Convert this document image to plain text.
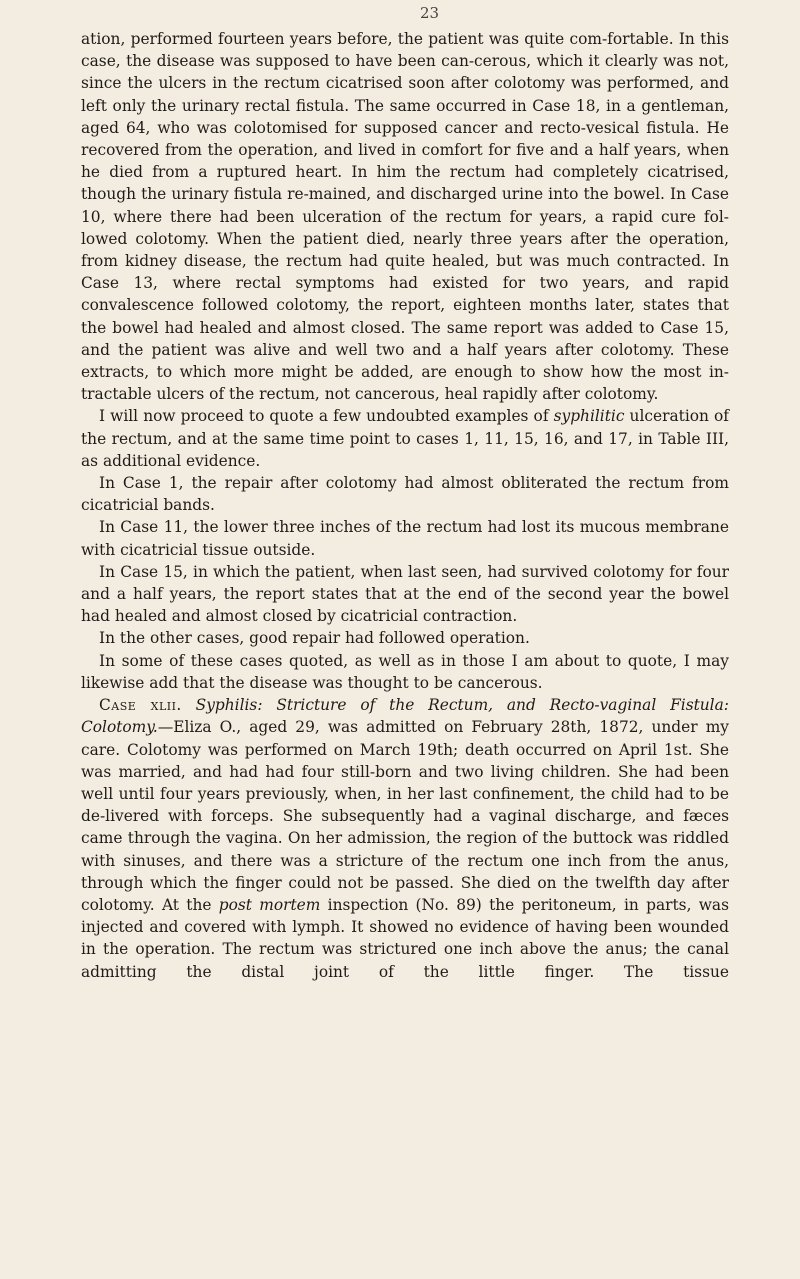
23

ation, performed fourteen years before, the patient was quite com-fortable. In this case, the disease was supposed to have been can-cerous, which it clearly was not, since the ulcers in the rectum cicatrised soon after colotomy was performed, and left only the urinary rectal fistula. The same occurred in Case 18, in a gentleman, aged 64, who was colotomised for supposed cancer and recto-vesical fistula. He recovered from the operation, and lived in comfort for five and a half years, when he died from a ruptured heart. In him the rectum had completely cicatrised, though the urinary fistula re-mained, and discharged urine into the bowel. In Case 10, where there had been ulceration of the rectum for years, a rapid cure fol-lowed colotomy. When the patient died, nearly three years after the operation, from kidney disease, the rectum had quite healed, but was much contracted. In Case 13, where rectal symptoms had existed for two years, and rapid convalescence followed colotomy, the report, eighteen months later, states that the bowel had healed and almost closed. The same report was added to Case 15, and the patient was alive and well two and a half years after colotomy. These extracts, to which more might be added, are enough to show how the most in-tractable ulcers of the rectum, not cancerous, heal rapidly after colotomy.

I will now proceed to quote a few undoubted examples of syphilitic ulceration of the rectum, and at the same time point to cases 1, 11, 15, 16, and 17, in Table III, as additional evidence.

In Case 1, the repair after colotomy had almost obliterated the rectum from cicatricial bands.

In Case 11, the lower three inches of the rectum had lost its mucous membrane with cicatricial tissue outside.

In Case 15, in which the patient, when last seen, had survived colotomy for four and a half years, the report states that at the end of the second year the bowel had healed and almost closed by cicatricial contraction.

In the other cases, good repair had followed operation.

In some of these cases quoted, as well as in those I am about to quote, I may likewise add that the disease was thought to be cancerous.

Case xlii. Syphilis: Stricture of the Rectum, and Recto-vaginal Fistula: Colotomy.—Eliza O., aged 29, was admitted on February 28th, 1872, under my care. Colotomy was performed on March 19th; death occurred on April 1st. She was married, and had had four still-born and two living children. She had been well until four years previously, when, in her last confinement, the child had to be de-livered with forceps. She subsequently had a vaginal discharge, and fæces came through the vagina. On her admission, the region of the buttock was riddled with sinuses, and there was a stricture of the rectum one inch from the anus, through which the finger could not be passed. She died on the twelfth day after colotomy. At the post mortem inspection (No. 89) the peritoneum, in parts, was injected and covered with lymph. It showed no evidence of having been wounded in the operation. The rectum was strictured one inch above the anus; the canal admitting the distal joint of the little finger. The tissue
